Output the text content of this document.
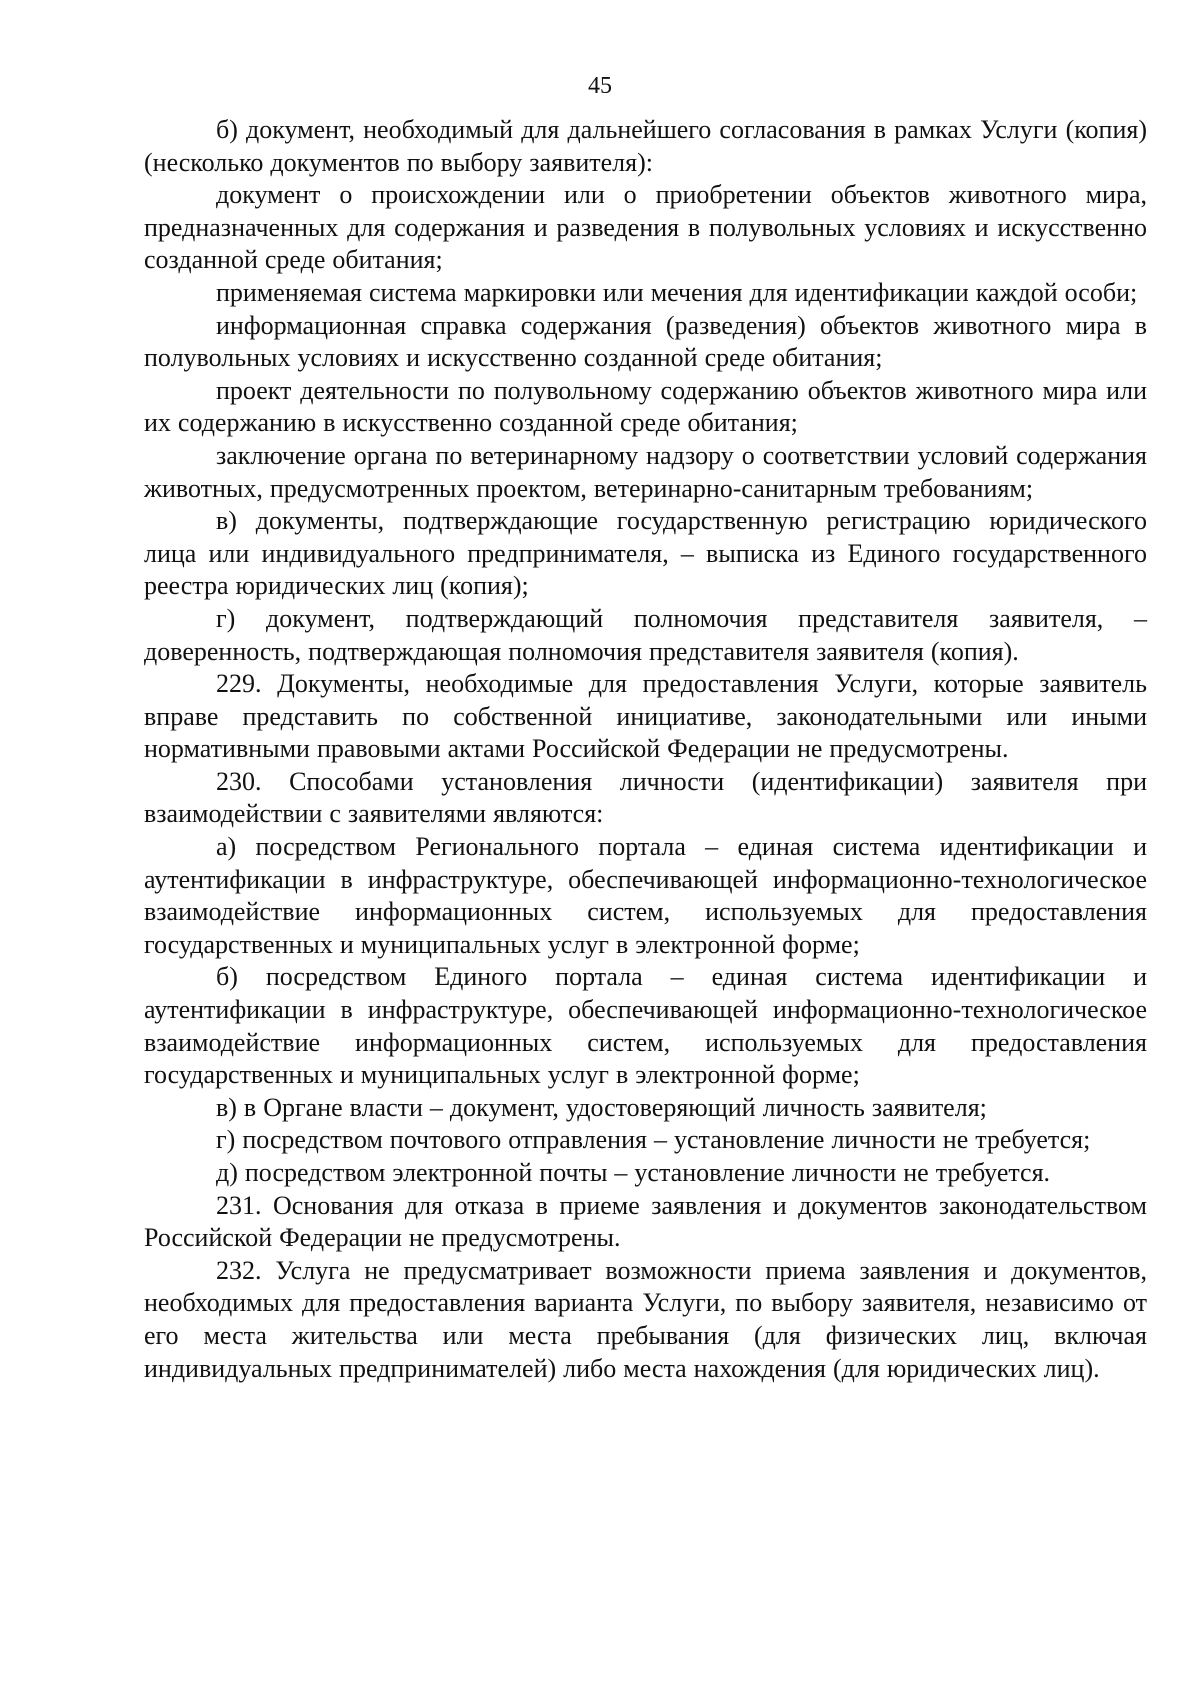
45

б) документ, необходимый для дальнейшего согласования в рамках Услуги (копия) (несколько документов по выбору заявителя):

документ о происхождении или о приобретении объектов животного мира, предназначенных для содержания и разведения в полувольных условиях и искусственно созданной среде обитания;

применяемая система маркировки или мечения для идентификации каждой особи;

информационная справка содержания (разведения) объектов животного мира в полувольных условиях и искусственно созданной среде обитания;

проект деятельности по полувольному содержанию объектов животного мира или их содержанию в искусственно созданной среде обитания;

заключение органа по ветеринарному надзору о соответствии условий содержания животных, предусмотренных проектом, ветеринарно-санитарным требованиям;

в) документы, подтверждающие государственную регистрацию юридического лица или индивидуального предпринимателя, – выписка из Единого государственного реестра юридических лиц (копия);

г) документ, подтверждающий полномочия представителя заявителя, – доверенность, подтверждающая полномочия представителя заявителя (копия).

229. Документы, необходимые для предоставления Услуги, которые заявитель вправе представить по собственной инициативе, законодательными или иными нормативными правовыми актами Российской Федерации не предусмотрены.

230. Способами установления личности (идентификации) заявителя при взаимодействии с заявителями являются:

а) посредством Регионального портала – единая система идентификации и аутентификации в инфраструктуре, обеспечивающей информационно-технологическое взаимодействие информационных систем, используемых для предоставления государственных и муниципальных услуг в электронной форме;

б) посредством Единого портала – единая система идентификации и аутентификации в инфраструктуре, обеспечивающей информационно-технологическое взаимодействие информационных систем, используемых для предоставления государственных и муниципальных услуг в электронной форме;

в) в Органе власти – документ, удостоверяющий личность заявителя;

г) посредством почтового отправления – установление личности не требуется;

д) посредством электронной почты – установление личности не требуется.

231. Основания для отказа в приеме заявления и документов законодательством Российской Федерации не предусмотрены.

232. Услуга не предусматривает возможности приема заявления и документов, необходимых для предоставления варианта Услуги, по выбору заявителя, независимо от его места жительства или места пребывания (для физических лиц, включая индивидуальных предпринимателей) либо места нахождения (для юридических лиц).
